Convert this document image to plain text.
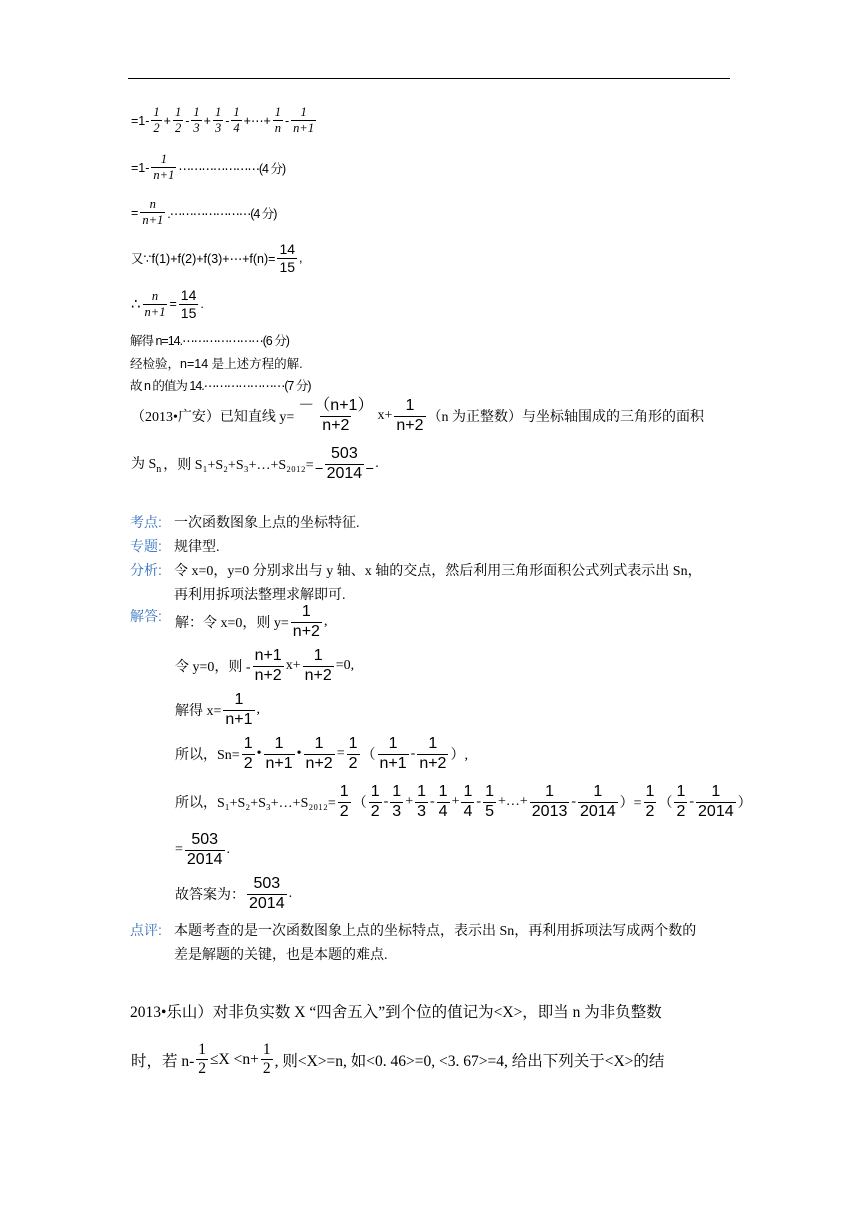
$=1- \frac{1}{2} + \frac{1}{2} - \frac{1}{3} + \frac{1}{3} - \frac{1}{4}$ +⋯+ $\frac{1}{n} - \frac{1}{n+1}$
$=1- \frac{1}{n+1}$ ⋯⋯⋯⋯⋯⋯⋯(4 分)
= $\frac{n}{n+1}$ .⋯⋯⋯⋯⋯⋯⋯(4 分)
又∵f(1)+f(2)+f(3)+⋯+f(n)= $\frac{14}{15}$ ,
∴ $\frac{n}{n+1} = \frac{14}{15}$ .
解得 n=14.⋯⋯⋯⋯⋯⋯⋯(6 分)
经检验，n=14 是上述方程的解.
故 n 的值为 14.⋯⋯⋯⋯⋯⋯⋯(7 分)
（2013•广安）已知直线 $y= \frac{-(n+1)}{n+2} x+ \frac{1}{n+2} (n$ 为正整数）与坐标轴围成的三角形的面积
为 $S_n$ ，则 S₁+S₂+S₃+…+S₂₀₁₂=
$\frac{503}{2014}$
.
考点: 一次函数图象上点的坐标特征.
专题: 规律型.
分析: 令 x=0，y=0 分别求出与 y 轴、x 轴的交点，然后利用三角形面积公式列式表示出 Sn，
再利用拆项法整理求解即可.
解答: 解：令 x=0，则 $y= \frac{1}{n+2}$ ,
令 y=0，则 - $\frac{n+1}{n+2} x+ \frac{1}{n+2} =0$,
解得 $x= \frac{1}{n+1}$ ,
所以，$Sn= \frac{1}{2}$ • $\frac{1}{n+1}$ • $\frac{1}{n+2} = \frac{1}{2}$ （ $\frac{1}{n+1} - \frac{1}{n+2}$ ）,
所以，S₁+S₂+S₃+…+S₂₀₁₂= $\frac{1}{2}$ （ $\frac{1}{2} - \frac{1}{3} + \frac{1}{3} - \frac{1}{4} + \frac{1}{4} - \frac{1}{5}$ +…+ $\frac{1}{2013} - \frac{1}{2014}$ ）= $\frac{1}{2}$ （ $\frac{1}{2} - \frac{1}{2014}$ ）
= $\frac{503}{2014}$ .
故答案为： $\frac{503}{2014}$ .
点评: 本题考查的是一次函数图象上点的坐标特点，表示出 Sn，再利用拆项法写成两个数的
差是解题的关键，也是本题的难点.
2013•乐山）对非负实数 X “四舍五入”到个位的值记为<X>，即当 n 为非负整数
时，若 $n- \frac{1}{2} \le X <n+ \frac{1}{2}$ , 则<X>=n, 如<0. 46>=0, <3. 67>=4, 给出下列关于<X>的结
